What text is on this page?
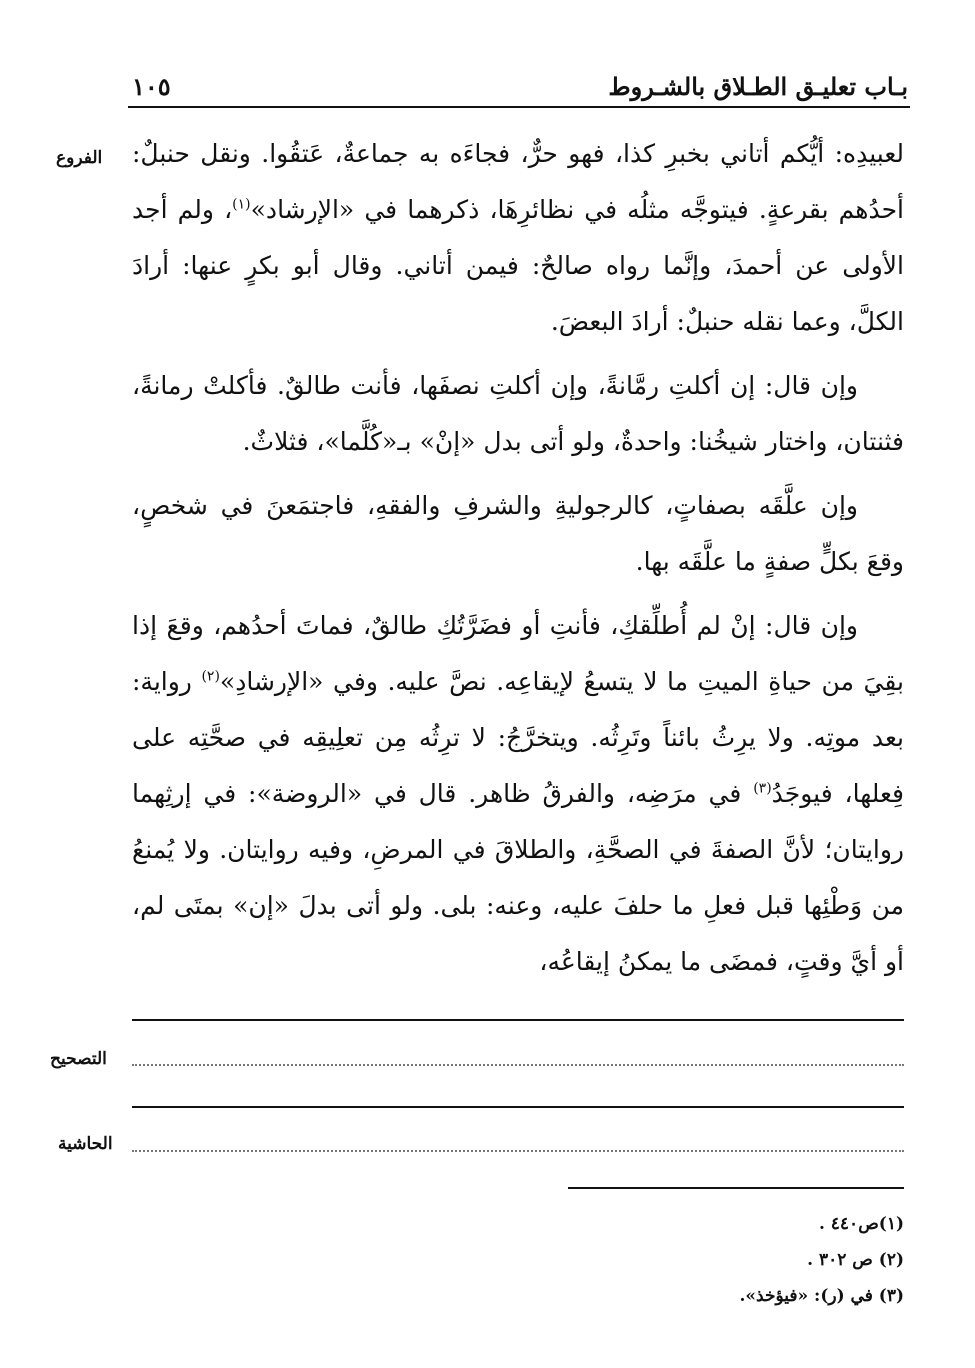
بـاب تعليـق الطـلاق بالشـروط
١٠٥
الفروع لعبيدِه: أيُّكم أتاني بخبرِ كذا، فهو حرٌّ، فجاءَه به جماعةٌ، عَتقُوا. ونقل حنبلٌ: أحدُهم بقرعةٍ. فيتوجَّه مثلُه في نظائرِهَا، ذكرهما في «الإرشاد»$^{(١)}$، ولم أجد الأولى عن أحمدَ، وإنَّما رواه صالحٌ: فيمن أتاني. وقال أبو بكرٍ عنها: أرادَ الكلَّ، وعما نقله حنبلٌ: أرادَ البعضَ.

وإن قال: إن أكلتِ رمَّانةً، وإن أكلتِ نصفَها، فأنت طالقٌ. فأكلتْ رمانةً، فثنتان، واختار شيخُنا: واحدةٌ، ولو أتى بدل «إنْ» بـ«كُلَّما»، فثلاثٌ.

وإن علَّقَه بصفاتٍ، كالرجوليةِ والشرفِ والفقهِ، فاجتمَعنَ في شخصٍ، وقعَ بكلٍّ صفةٍ ما علَّقَه بها.

وإن قال: إنْ لم أُطلِّقكِ، فأنتِ أو فضَرَّتُكِ طالقٌ، فماتَ أحدُهم، وقعَ إذا بقِيَ من حياةِ الميتِ ما لا يتسعُ لإيقاعِه. نصَّ عليه. وفي «الإرشادِ»$^{(٢)}$ رواية: بعد موتِه. ولا يرِثُ بائناً وتَرِثُه. ويتخرَّجُ: لا ترِثُه مِن تعلِيقِه في صحَّتِه على فِعلها، فيوجَدُ$^{(٣)}$ في مرَضِه، والفرقُ ظاهر. قال في «الروضة»: في إرثِهما روايتان؛ لأنَّ الصفةَ في الصحَّةِ، والطلاقَ في المرضِ، وفيه روايتان. ولا يُمنعُ من وَطْئِها قبل فعلِ ما حلفَ عليه، وعنه: بلى. ولو أتى بدلَ «إن» بمتَى لم، أو أيَّ وقتٍ، فمضَى ما يمكنُ إيقاعُه،

التصحيح
الحاشية
(١)ص٤٤٠ .
(٢) ص ٣٠٢ .
(٣) في (ر): «فيؤخذ».
